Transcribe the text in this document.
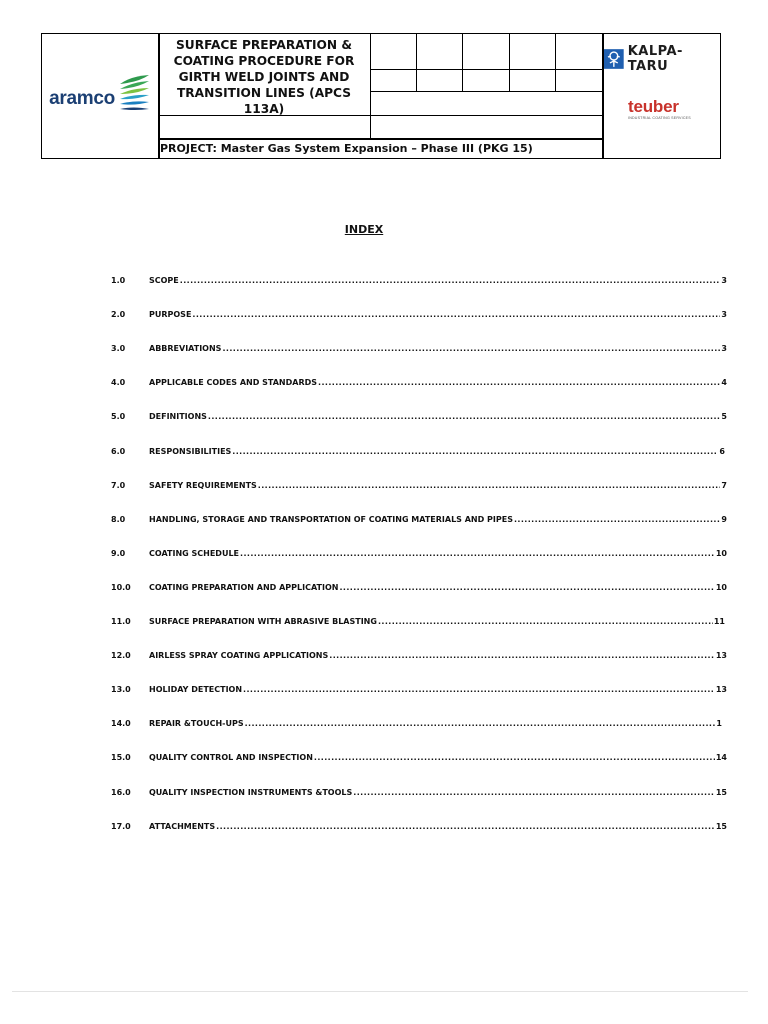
aramco
SURFACE PREPARATION &
COATING PROCEDURE FOR
GIRTH WELD JOINTS AND
TRANSITION LINES (APCS 113A)
PROJECT: Master Gas System Expansion – Phase III (PKG 15)
KALPA-TARU
teuber
INDUSTRIAL COATING SERVICES
INDEX
1.0	SCOPE .....	3
2.0	PURPOSE .....	3
3.0	ABBREVIATIONS .....	3
4.0	APPLICABLE CODES AND STANDARDS .....	4
5.0	DEFINITIONS .....	5
6.0	RESPONSIBILITIES .....	6
7.0	SAFETY REQUIREMENTS .....	7
8.0	HANDLING, STORAGE AND TRANSPORTATION OF COATING MATERIALS AND PIPES .....	9
9.0	COATING SCHEDULE .....	10
10.0	COATING PREPARATION AND APPLICATION .....	10
11.0	SURFACE PREPARATION WITH ABRASIVE BLASTING .....	11
12.0	AIRLESS SPRAY COATING APPLICATIONS .....	13
13.0	HOLIDAY DETECTION .....	13
14.0	REPAIR &TOUCH-UPS .....	1
15.0	QUALITY CONTROL AND INSPECTION .....	14
16.0	QUALITY INSPECTION INSTRUMENTS &TOOLS .....	15
17.0	ATTACHMENTS .....	15
